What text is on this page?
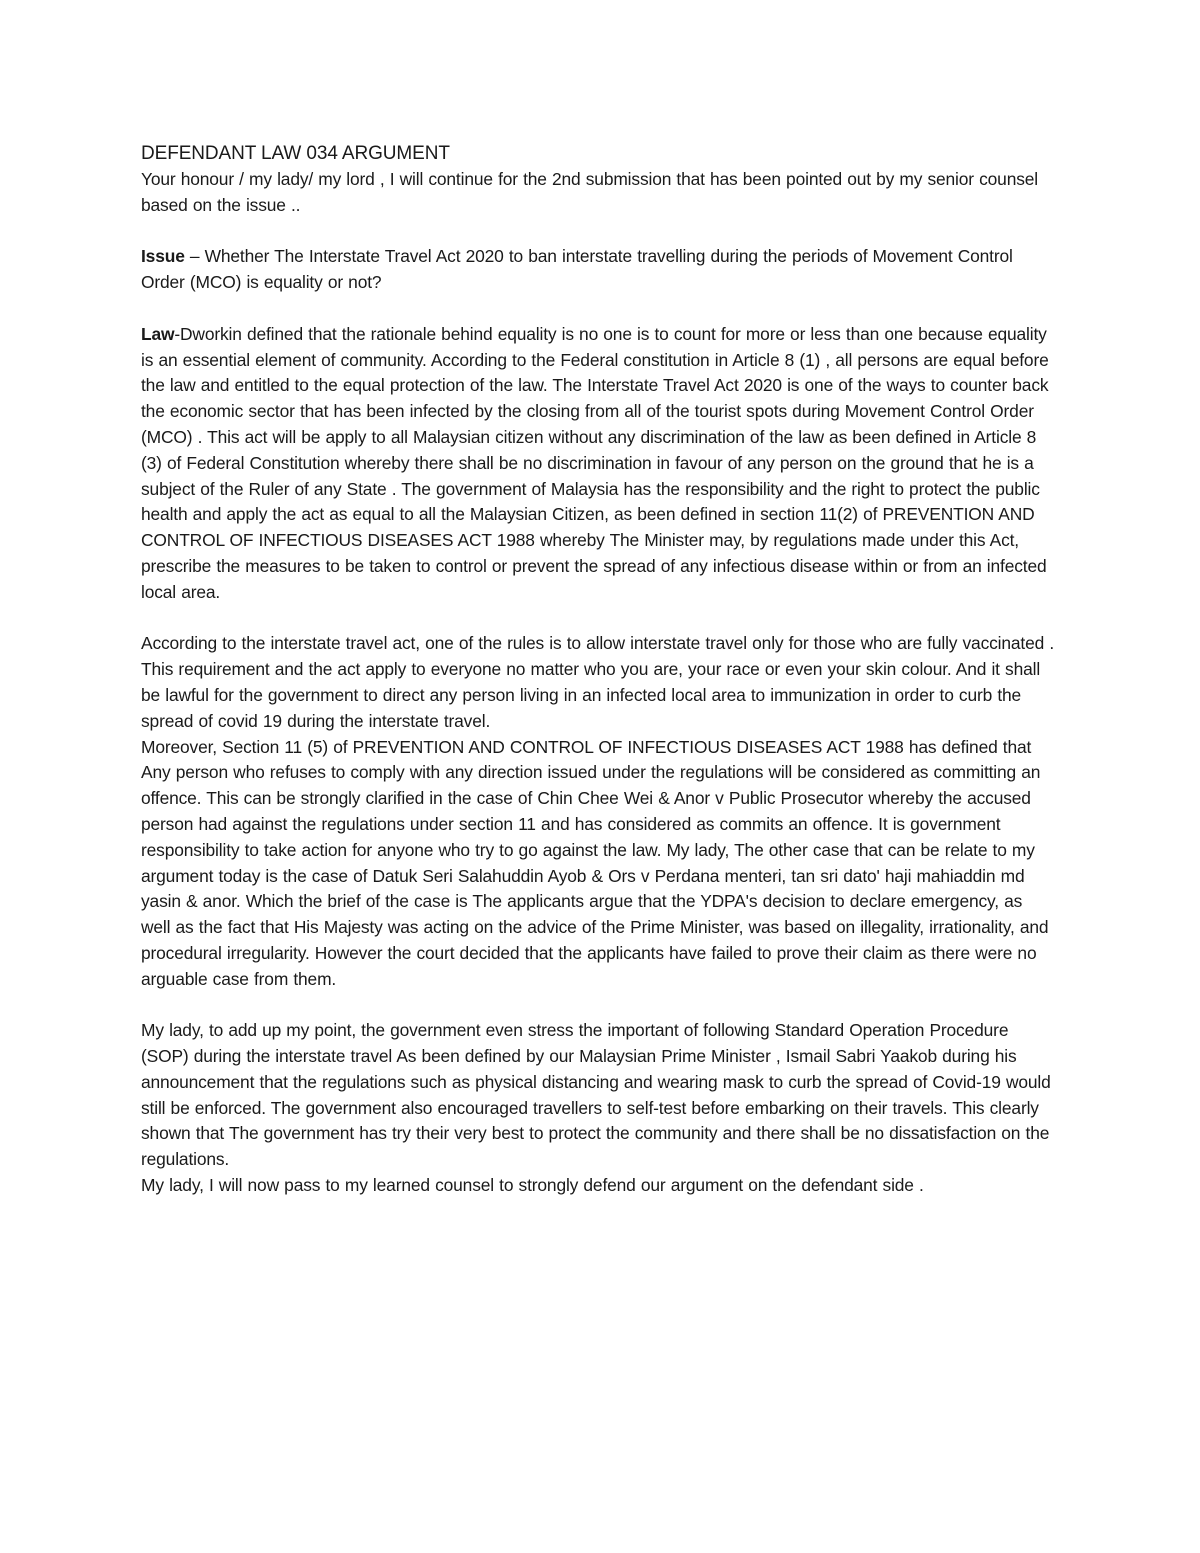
DEFENDANT LAW 034 ARGUMENT

Your honour / my lady/ my lord , I will continue for the 2nd submission that has been pointed out by my senior counsel based on the issue ..

Issue – Whether The Interstate Travel Act 2020 to ban interstate travelling during the periods of Movement Control Order (MCO) is equality or not?

Law-Dworkin defined that the rationale behind equality is no one is to count for more or less than one because equality is an essential element of community. According to the Federal constitution in Article 8 (1) , all persons are equal before the law and entitled to the equal protection of the law. The Interstate Travel Act 2020 is one of the ways to counter back the economic sector that has been infected by the closing from all of the tourist spots during Movement Control Order (MCO) . This act will be apply to all Malaysian citizen without any discrimination of the law as been defined in Article 8 (3) of Federal Constitution whereby there shall be no discrimination in favour of any person on the ground that he is a subject of the Ruler of any State . The government of Malaysia has the responsibility and the right to protect the public health and apply the act as equal to all the Malaysian Citizen, as been defined in section 11(2) of PREVENTION AND CONTROL OF INFECTIOUS DISEASES ACT 1988 whereby The Minister may, by regulations made under this Act, prescribe the measures to be taken to control or prevent the spread of any infectious disease within or from an infected local area.

According to the interstate travel act, one of the rules is to allow interstate travel only for those who are fully vaccinated . This requirement and the act apply to everyone no matter who you are, your race or even your skin colour. And it shall be lawful for the government to direct any person living in an infected local area to immunization in order to curb the spread of covid 19 during the interstate travel.

Moreover, Section 11 (5) of PREVENTION AND CONTROL OF INFECTIOUS DISEASES ACT 1988 has defined that Any person who refuses to comply with any direction issued under the regulations will be considered as committing an offence. This can be strongly clarified in the case of Chin Chee Wei & Anor v Public Prosecutor whereby the accused person had against the regulations under section 11 and has considered as commits an offence. It is government responsibility to take action for anyone who try to go against the law. My lady, The other case that can be relate to my argument today is the case of Datuk Seri Salahuddin Ayob & Ors v Perdana menteri, tan sri dato' haji mahiaddin md yasin & anor. Which the brief of the case is The applicants argue that the YDPA's decision to declare emergency, as well as the fact that His Majesty was acting on the advice of the Prime Minister, was based on illegality, irrationality, and procedural irregularity. However the court decided that the applicants have failed to prove their claim as there were no arguable case from them.

My lady, to add up my point, the government even stress the important of following Standard Operation Procedure (SOP) during the interstate travel As been defined by our Malaysian Prime Minister , Ismail Sabri Yaakob during his announcement that the regulations such as physical distancing and wearing mask to curb the spread of Covid-19 would still be enforced. The government also encouraged travellers to self-test before embarking on their travels. This clearly shown that The government has try their very best to protect the community and there shall be no dissatisfaction on the regulations.

My lady, I will now pass to my learned counsel to strongly defend our argument on the defendant side .
